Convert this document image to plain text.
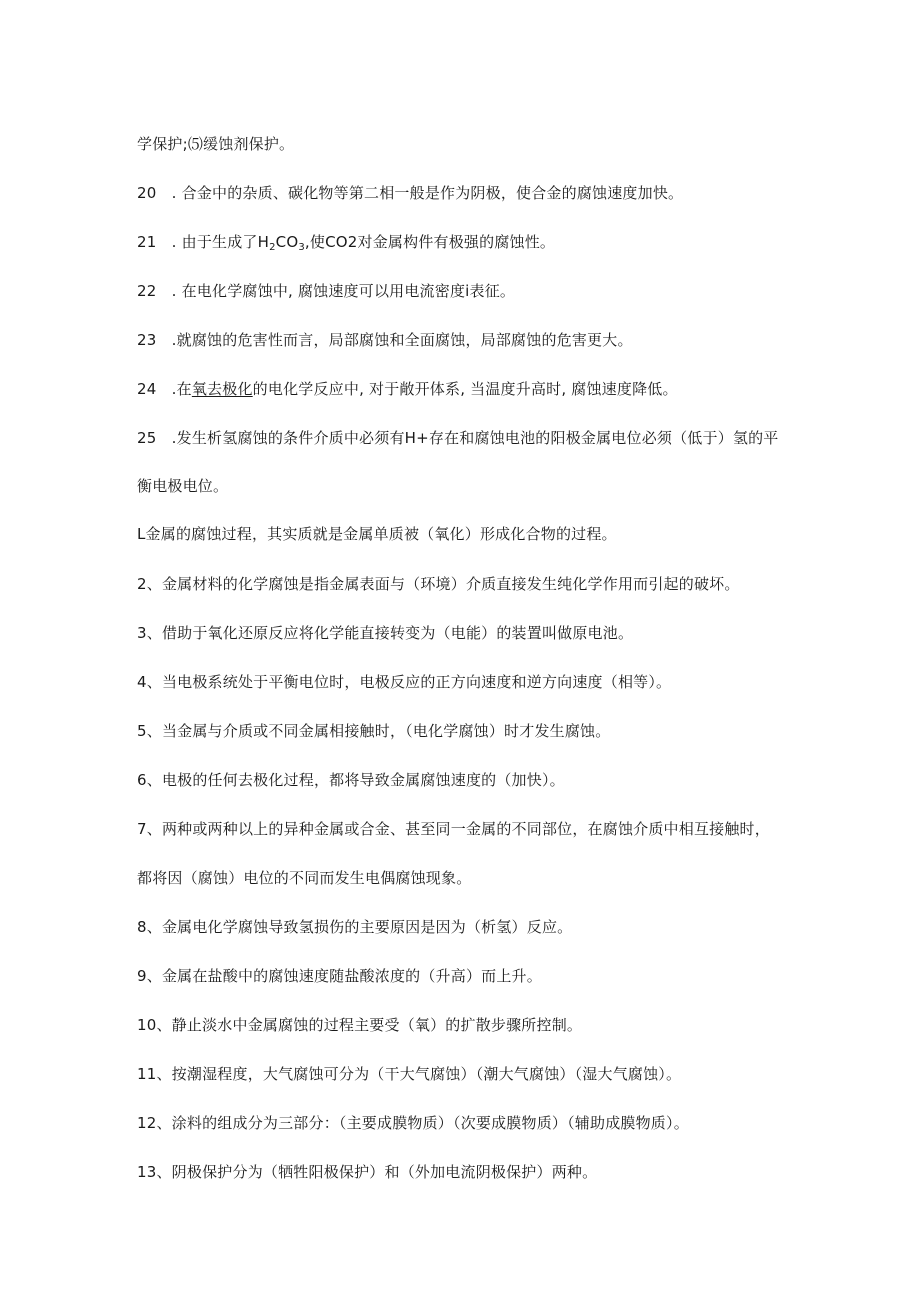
学保护;⑸缓蚀剂保护。
20　. 合金中的杂质、碳化物等第二相一般是作为阴极，使合金的腐蚀速度加快。
21　. 由于生成了$H_2CO_3$,使CO2对金属构件有极强的腐蚀性。
22　. 在电化学腐蚀中, 腐蚀速度可以用电流密度i表征。
23　.就腐蚀的危害性而言，局部腐蚀和全面腐蚀，局部腐蚀的危害更大。
24　.在氧去极化的电化学反应中, 对于敞开体系, 当温度升高时, 腐蚀速度降低。
25　.发生析氢腐蚀的条件介质中必须有H+存在和腐蚀电池的阳极金属电位必须（低于）氢的平
衡电极电位。
L金属的腐蚀过程，其实质就是金属单质被（氧化）形成化合物的过程。
2、金属材料的化学腐蚀是指金属表面与（环境）介质直接发生纯化学作用而引起的破坏。
3、借助于氧化还原反应将化学能直接转变为（电能）的装置叫做原电池。
4、当电极系统处于平衡电位时，电极反应的正方向速度和逆方向速度（相等）。
5、当金属与介质或不同金属相接触时，（电化学腐蚀）时才发生腐蚀。
6、电极的任何去极化过程，都将导致金属腐蚀速度的（加快）。
7、两种或两种以上的异种金属或合金、甚至同一金属的不同部位，在腐蚀介质中相互接触时，
都将因（腐蚀）电位的不同而发生电偶腐蚀现象。
8、金属电化学腐蚀导致氢损伤的主要原因是因为（析氢）反应。
9、金属在盐酸中的腐蚀速度随盐酸浓度的（升高）而上升。
10、静止淡水中金属腐蚀的过程主要受（氧）的扩散步骤所控制。
11、按潮湿程度，大气腐蚀可分为（干大气腐蚀）（潮大气腐蚀）（湿大气腐蚀）。
12、涂料的组成分为三部分：（主要成膜物质）（次要成膜物质）（辅助成膜物质）。
13、阴极保护分为（牺牲阳极保护）和（外加电流阴极保护）两种。
